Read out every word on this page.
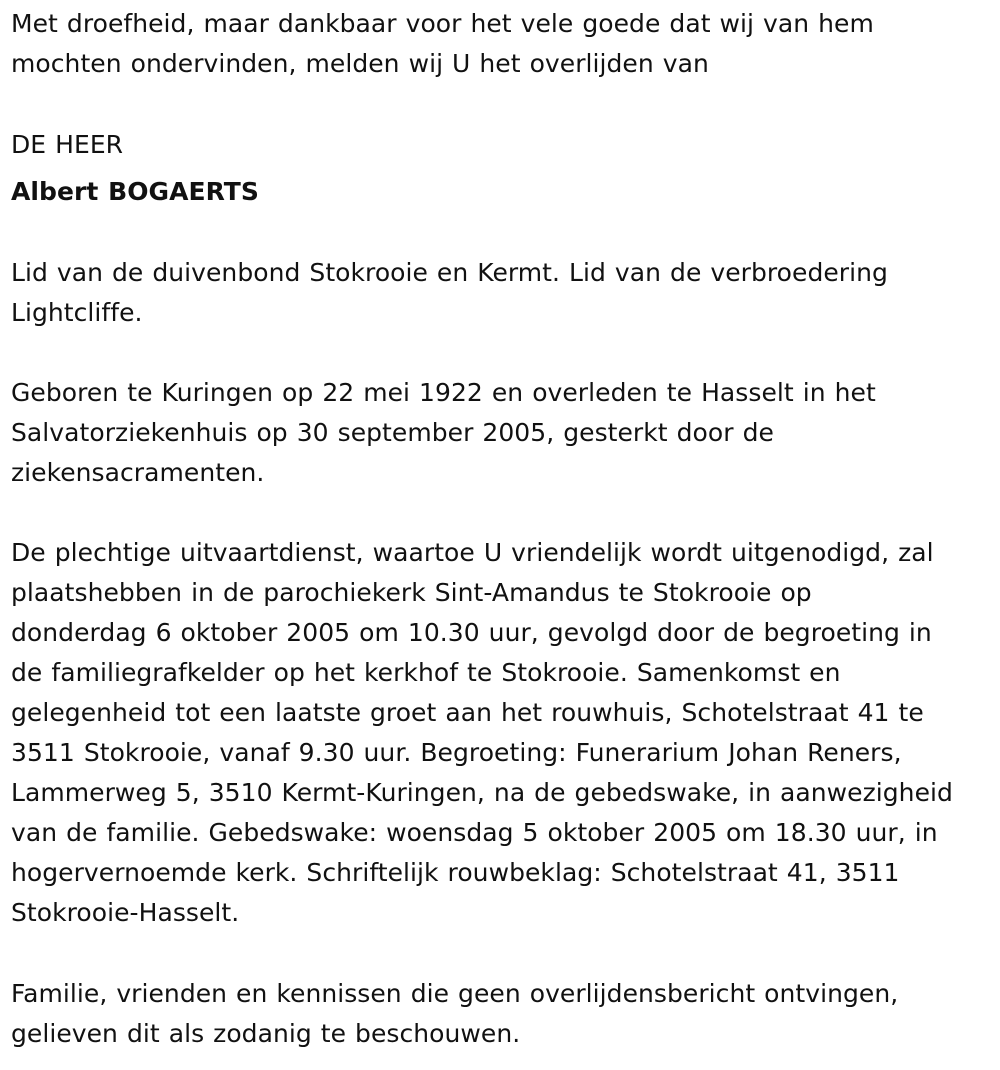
Met droefheid, maar dankbaar voor het vele goede dat wij van hem
mochten ondervinden, melden wij U het overlijden van
DE HEER
Albert BOGAERTS
Lid van de duivenbond Stokrooie en Kermt. Lid van de verbroedering
Lightcliffe.
Geboren te Kuringen op 22 mei 1922 en overleden te Hasselt in het
Salvatorziekenhuis op 30 september 2005, gesterkt door de
ziekensacramenten.
De plechtige uitvaartdienst, waartoe U vriendelijk wordt uitgenodigd, zal
plaatshebben in de parochiekerk Sint-Amandus te Stokrooie op
donderdag 6 oktober 2005 om 10.30 uur, gevolgd door de begroeting in
de familiegrafkelder op het kerkhof te Stokrooie. Samenkomst en
gelegenheid tot een laatste groet aan het rouwhuis, Schotelstraat 41 te
3511 Stokrooie, vanaf 9.30 uur. Begroeting: Funerarium Johan Reners,
Lammerweg 5, 3510 Kermt-Kuringen, na de gebedswake, in aanwezigheid
van de familie. Gebedswake: woensdag 5 oktober 2005 om 18.30 uur, in
hogervernoemde kerk. Schriftelijk rouwbeklag: Schotelstraat 41, 3511
Stokrooie-Hasselt.
Familie, vrienden en kennissen die geen overlijdensbericht ontvingen,
gelieven dit als zodanig te beschouwen.
